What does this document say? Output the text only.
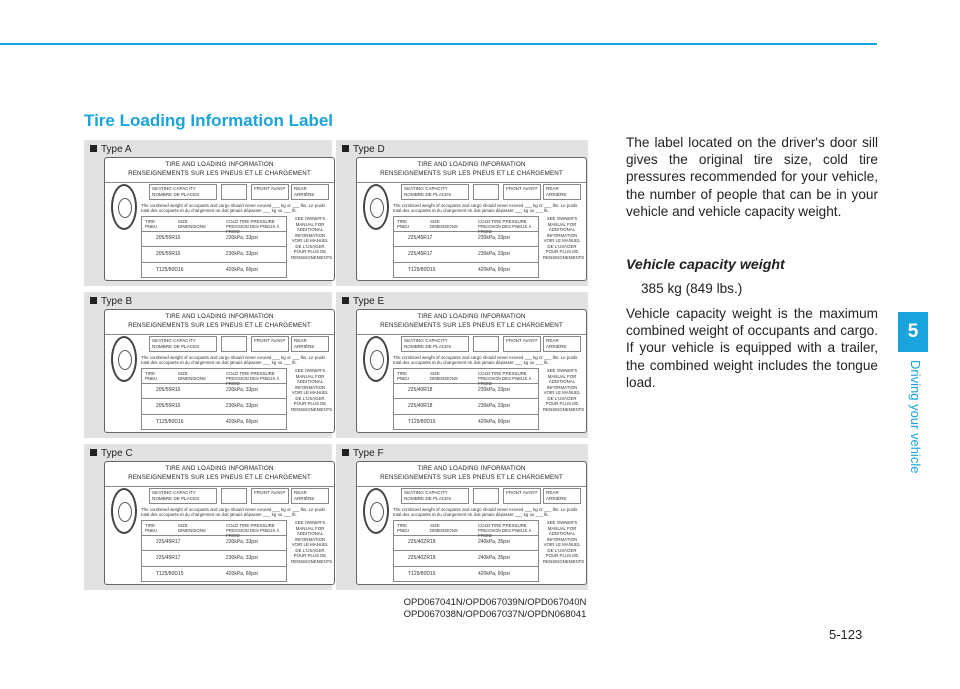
Tire Loading Information Label
Type A
TIRE AND LOADING INFORMATION
RENSEIGNEMENTS SUR LES PNEUS ET LE CHARGEMENT
SEATING CAPACITY NOMBRE DE PLACES
FRONT AVANT	REAR ARRIÈRE
The combined weight of occupants and cargo should never exceed ___ kg or ___ lbs. Le poids total des occupants et du chargement ne doit jamais dépasser ___ kg ou ___ lb.
TIRE PNEU
SIZE DIMENSIONS
COLD TIRE PRESSURE PRESSION DES PNEUS À FROID
205/55R16	230kPa, 33psi
205/55R16	230kPa, 33psi
T125/80D16	420kPa, 60psi
SEE OWNER'S MANUAL FOR ADDITIONAL INFORMATION VOIR LE MANUEL DE L'USAGER POUR PLUS DE RENSEIGNEMENTS
Type D
TIRE AND LOADING INFORMATION
RENSEIGNEMENTS SUR LES PNEUS ET LE CHARGEMENT
SEATING CAPACITY NOMBRE DE PLACES
FRONT AVANT	REAR ARRIÈRE
The combined weight of occupants and cargo should never exceed ___ kg or ___ lbs. Le poids total des occupants et du chargement ne doit jamais dépasser ___ kg ou ___ lb.
TIRE PNEU
SIZE DIMENSIONS
COLD TIRE PRESSURE PRESSION DES PNEUS À FROID
225/45R17	230kPa, 33psi
225/45R17	230kPa, 33psi
T125/80D16	420kPa, 60psi
SEE OWNER'S MANUAL FOR ADDITIONAL INFORMATION VOIR LE MANUEL DE L'USAGER POUR PLUS DE RENSEIGNEMENTS
Type B
TIRE AND LOADING INFORMATION
RENSEIGNEMENTS SUR LES PNEUS ET LE CHARGEMENT
SEATING CAPACITY NOMBRE DE PLACES
FRONT AVANT	REAR ARRIÈRE
The combined weight of occupants and cargo should never exceed ___ kg or ___ lbs. Le poids total des occupants et du chargement ne doit jamais dépasser ___ kg ou ___ lb.
TIRE PNEU
SIZE DIMENSIONS
COLD TIRE PRESSURE PRESSION DES PNEUS À FROID
205/55R16	230kPa, 33psi
205/55R16	230kPa, 33psi
T125/80D16	420kPa, 60psi
SEE OWNER'S MANUAL FOR ADDITIONAL INFORMATION VOIR LE MANUEL DE L'USAGER POUR PLUS DE RENSEIGNEMENTS
Type E
TIRE AND LOADING INFORMATION
RENSEIGNEMENTS SUR LES PNEUS ET LE CHARGEMENT
SEATING CAPACITY NOMBRE DE PLACES
FRONT AVANT	REAR ARRIÈRE
The combined weight of occupants and cargo should never exceed ___ kg or ___ lbs. Le poids total des occupants et du chargement ne doit jamais dépasser ___ kg ou ___ lb.
TIRE PNEU
SIZE DIMENSIONS
COLD TIRE PRESSURE PRESSION DES PNEUS À FROID
225/40R18	230kPa, 33psi
225/40R18	230kPa, 33psi
T125/80D16	420kPa, 60psi
SEE OWNER'S MANUAL FOR ADDITIONAL INFORMATION VOIR LE MANUEL DE L'USAGER POUR PLUS DE RENSEIGNEMENTS
Type C
TIRE AND LOADING INFORMATION
RENSEIGNEMENTS SUR LES PNEUS ET LE CHARGEMENT
SEATING CAPACITY NOMBRE DE PLACES
FRONT AVANT	REAR ARRIÈRE
The combined weight of occupants and cargo should never exceed ___ kg or ___ lbs. Le poids total des occupants et du chargement ne doit jamais dépasser ___ kg ou ___ lb.
TIRE PNEU
SIZE DIMENSIONS
COLD TIRE PRESSURE PRESSION DES PNEUS À FROID
225/45R17	230kPa, 33psi
225/45R17	230kPa, 33psi
T125/80D15	420kPa, 60psi
SEE OWNER'S MANUAL FOR ADDITIONAL INFORMATION VOIR LE MANUEL DE L'USAGER POUR PLUS DE RENSEIGNEMENTS
Type F
TIRE AND LOADING INFORMATION
RENSEIGNEMENTS SUR LES PNEUS ET LE CHARGEMENT
SEATING CAPACITY NOMBRE DE PLACES
FRONT AVANT	REAR ARRIÈRE
The combined weight of occupants and cargo should never exceed ___ kg or ___ lbs. Le poids total des occupants et du chargement ne doit jamais dépasser ___ kg ou ___ lb.
TIRE PNEU
SIZE DIMENSIONS
COLD TIRE PRESSURE PRESSION DES PNEUS À FROID
225/40ZR18	240kPa, 35psi
225/40ZR18	240kPa, 35psi
T125/80D16	420kPa, 60psi
SEE OWNER'S MANUAL FOR ADDITIONAL INFORMATION VOIR LE MANUEL DE L'USAGER POUR PLUS DE RENSEIGNEMENTS
OPD067041N/OPD067039N/OPD067040N
OPD067038N/OPD067037N/OPDN068041

The label located on the driver's door sill gives the original tire size, cold tire pressures recommended for your vehicle, the number of people that can be in your vehicle and vehicle capacity weight.

Vehicle capacity weight
385 kg (849 lbs.)

Vehicle capacity weight is the maximum combined weight of occupants and cargo. If your vehicle is equipped with a trailer, the combined weight includes the tongue load.

5
Driving your vehicle
5-123
